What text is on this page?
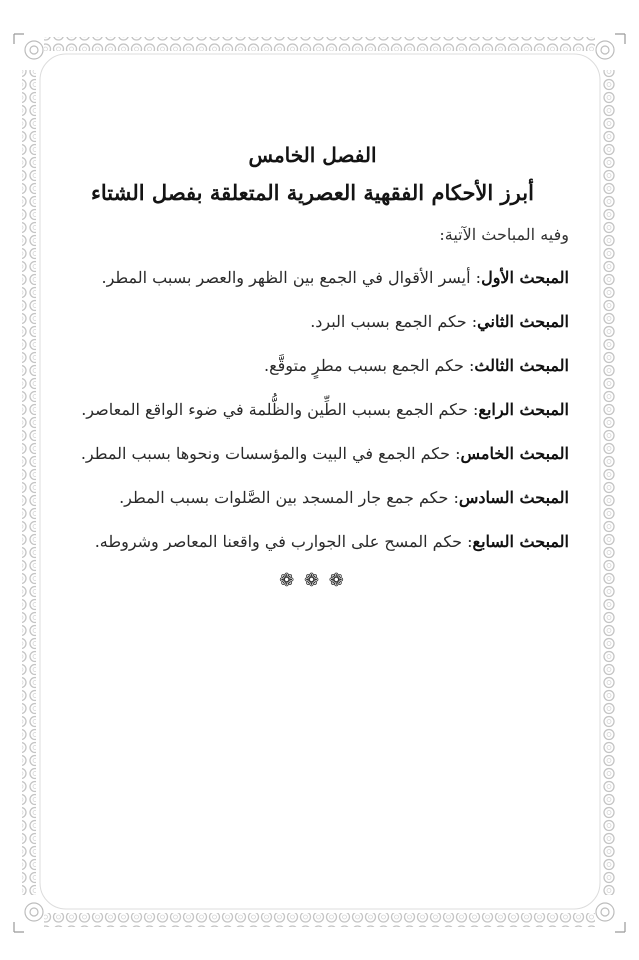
الفصل الخامس
أبرز الأحكام الفقهية العصرية المتعلقة بفصل الشتاء
وفيه المباحث الآتية:
المبحث الأول: أيسر الأقوال في الجمع بين الظهر والعصر بسبب المطر.
المبحث الثاني: حكم الجمع بسبب البرد.
المبحث الثالث: حكم الجمع بسبب مطرٍ متوقَّع.
المبحث الرابع: حكم الجمع بسبب الطِّين والظُّلمة في ضوء الواقع المعاصر.
المبحث الخامس: حكم الجمع في البيت والمؤسسات ونحوها بسبب المطر.
المبحث السادس: حكم جمع جار المسجد بين الصَّلوات بسبب المطر.
المبحث السابع: حكم المسح على الجوارب في واقعنا المعاصر وشروطه.
❁ ❁ ❁
